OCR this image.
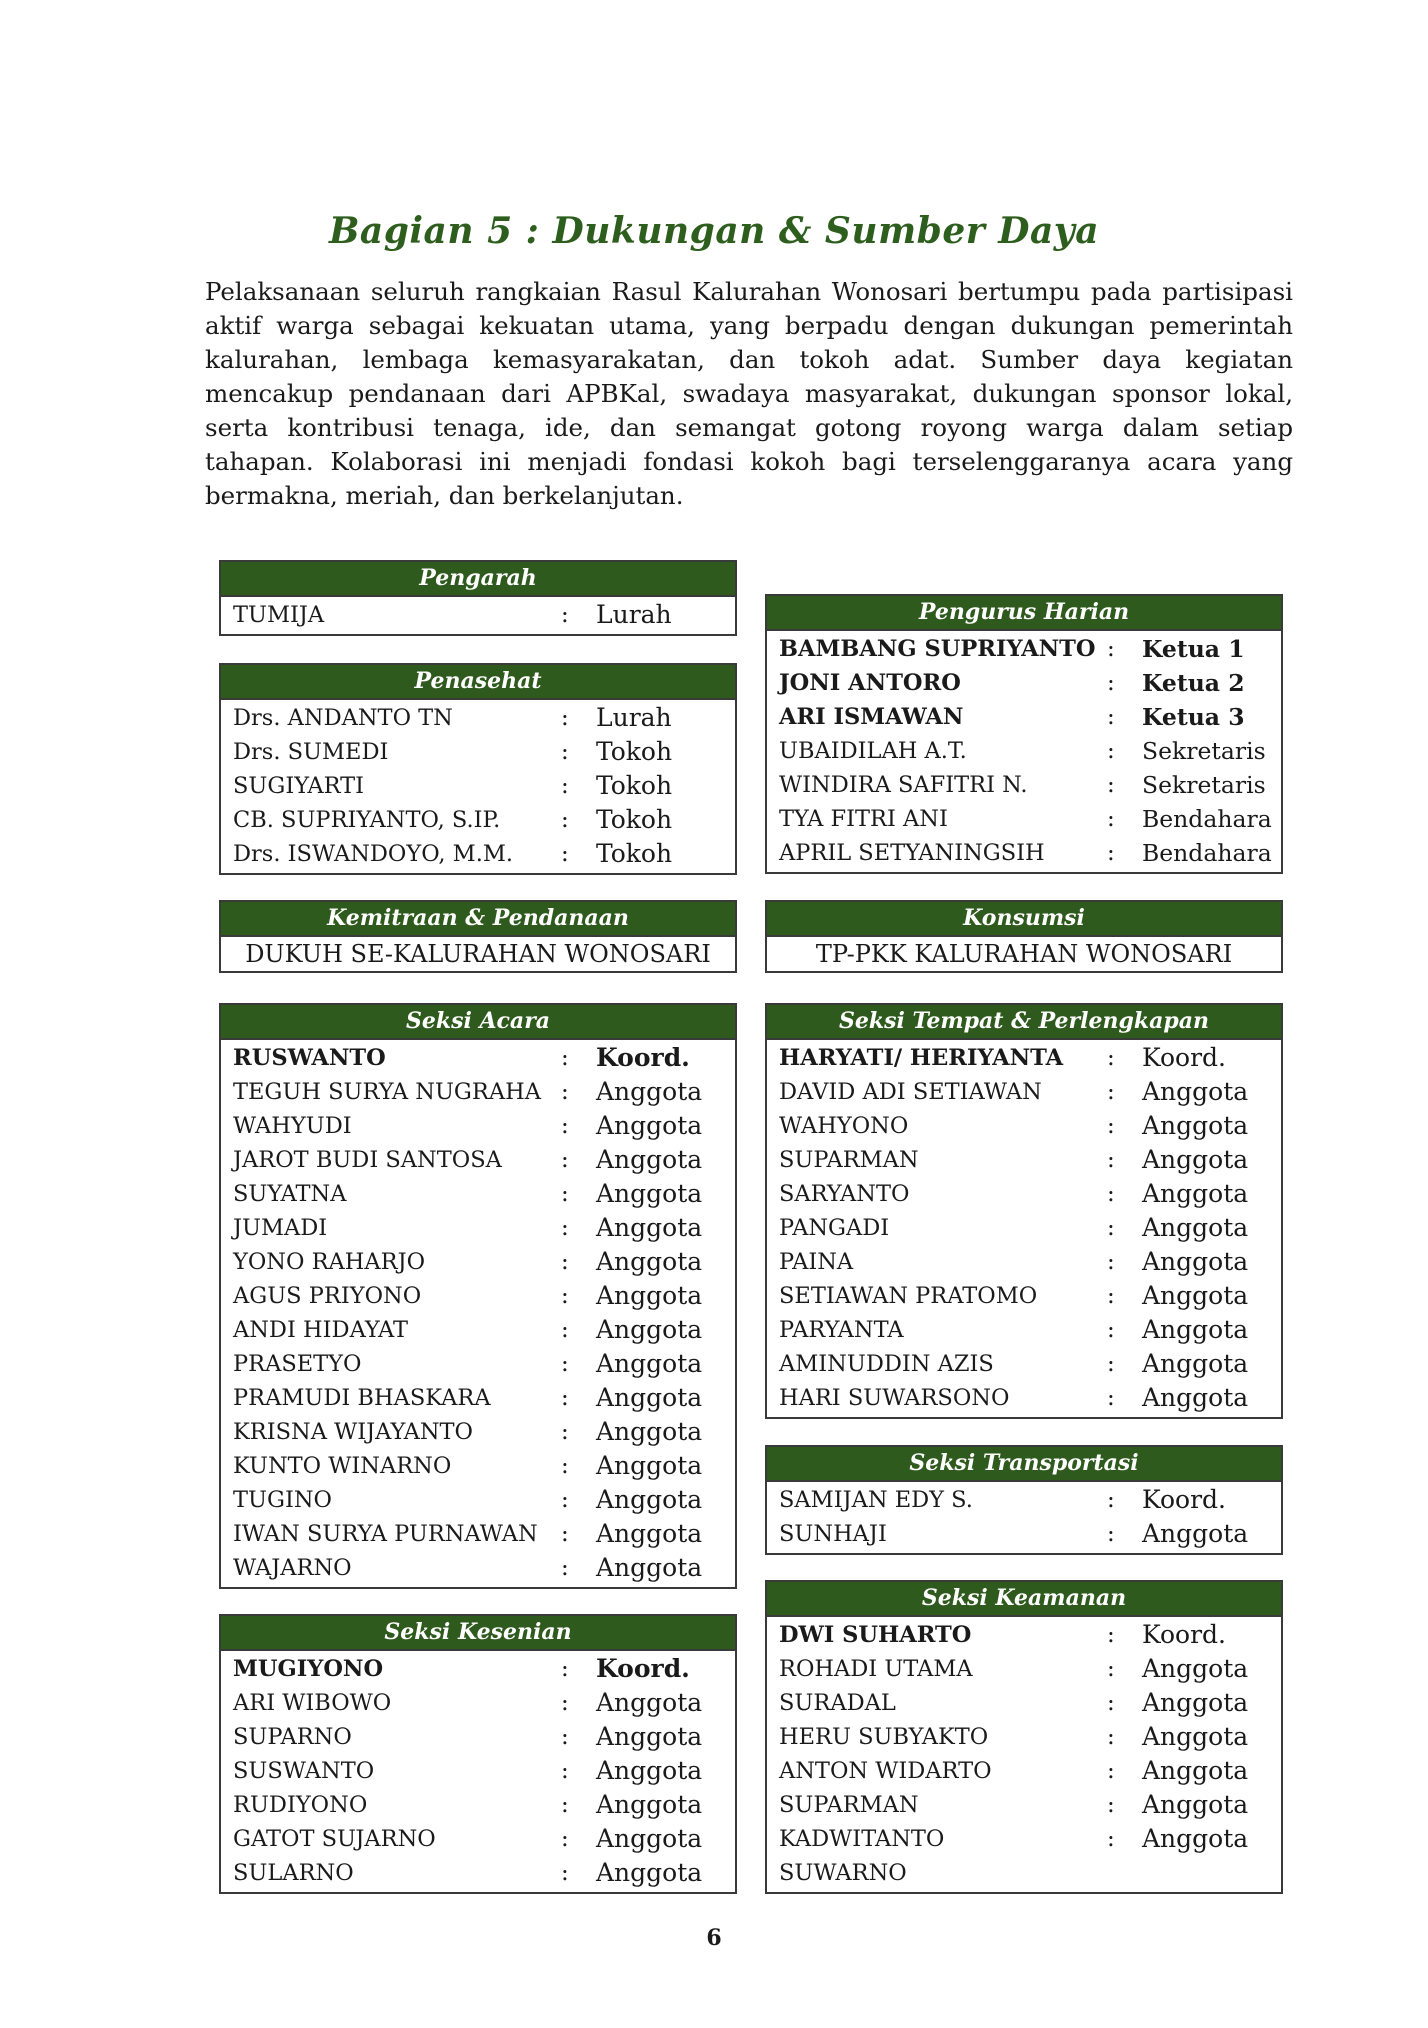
Bagian 5 : Dukungan & Sumber Daya
Pelaksanaan seluruh rangkaian Rasul Kalurahan Wonosari bertumpu pada partisipasi aktif warga sebagai kekuatan utama, yang berpadu dengan dukungan pemerintah kalurahan, lembaga kemasyarakatan, dan tokoh adat. Sumber daya kegiatan mencakup pendanaan dari APBKal, swadaya masyarakat, dukungan sponsor lokal, serta kontribusi tenaga, ide, dan semangat gotong royong warga dalam setiap tahapan. Kolaborasi ini menjadi fondasi kokoh bagi terselenggaranya acara yang bermakna, meriah, dan berkelanjutan.
Pengarah
TUMIJA	: Lurah
Penasehat
Drs. ANDANTO TN	: Lurah
Drs. SUMEDI	: Tokoh
SUGIYARTI	: Tokoh
CB. SUPRIYANTO, S.IP.	: Tokoh
Drs. ISWANDOYO, M.M. : Tokoh
Kemitraan & Pendanaan
DUKUH SE-KALURAHAN WONOSARI
Seksi Acara
RUSWANTO	: Koord.
TEGUH SURYA NUGRAHA : Anggota
WAHYUDI	: Anggota
JAROT BUDI SANTOSA	: Anggota
SUYATNA	: Anggota
JUMADI	: Anggota
YONO RAHARJO	: Anggota
AGUS PRIYONO	: Anggota
ANDI HIDAYAT	: Anggota
PRASETYO	: Anggota
PRAMUDI BHASKARA	: Anggota
KRISNA WIJAYANTO	: Anggota
KUNTO WINARNO	: Anggota
TUGINO	: Anggota
IWAN SURYA PURNAWAN : Anggota
WAJARNO	: Anggota
Seksi Kesenian
MUGIYONO	: Koord.
ARI WIBOWO	: Anggota
SUPARNO	: Anggota
SUSWANTO	: Anggota
RUDIYONO	: Anggota
GATOT SUJARNO	: Anggota
SULARNO	: Anggota
Pengurus Harian
BAMBANG SUPRIYANTO : Ketua 1
JONI ANTORO	: Ketua 2
ARI ISMAWAN	: Ketua 3
UBAIDILAH A.T.	: Sekretaris
WINDIRA SAFITRI N.	: Sekretaris
TYA FITRI ANI	: Bendahara
APRIL SETYANINGSIH	: Bendahara
Konsumsi
TP-PKK KALURAHAN WONOSARI
Seksi Tempat & Perlengkapan
HARYATI/ HERIYANTA : Koord.
DAVID ADI SETIAWAN	: Anggota
WAHYONO	: Anggota
SUPARMAN	: Anggota
SARYANTO	: Anggota
PANGADI	: Anggota
PAINA	: Anggota
SETIAWAN PRATOMO	: Anggota
PARYANTA	: Anggota
AMINUDDIN AZIS	: Anggota
HARI SUWARSONO	: Anggota
Seksi Transportasi
SAMIJAN EDY S.	: Koord.
SUNHAJI	: Anggota
Seksi Keamanan
DWI SUHARTO	: Koord.
ROHADI UTAMA	: Anggota
SURADAL	: Anggota
HERU SUBYAKTO	: Anggota
ANTON WIDARTO	: Anggota
SUPARMAN	: Anggota
KADWITANTO	: Anggota
SUWARNO
6
